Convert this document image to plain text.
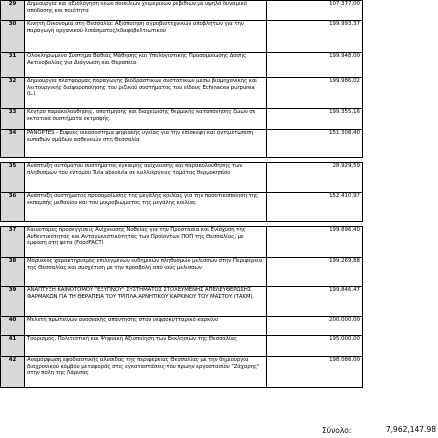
29	Δημιουργία και αξιολόγηση νέων ποικιλιών χειμερινών ρεβιθιών με υψηλό δυναμικό απόδοσης και ποιότητα	107.377,00
30	Κινητή Οικονομία στη Θεσσαλία: Αξιοποίηση αγροβιοτεχνικών αποβλήτων για την παραγωγή οργανικού λιπάσματος/εδαφοβελτιωτικού	199.993,37
31	Ολοκληρωμένο Σύστημα Βαθιάς Μάθησης και Υπολογιστικής Προσομοίωσης Δόσης Ακτινοβολίας για Διάγνωση και Θεραπεία	199.948,00
32	Δημιουργία πλατφόρμας παραγωγής βιοδραστικών συστατικών μέσω βιομηχανικής και λειτουργικής διαφοροποίησης του ριζικού συστήματος του είδους Echinacea purpurea (L.)	199.986,02
33	Κέντρο παρακολούθησης, αποτίμησης και διαχείρισης θερμικής καταπόνησης ζώων σε εκτατικά συστήματα εκτροφής	199.355,16
34	PANOPTES - Ευφυές οικοσύστημα ψηφιακής υγείας για την επίσκεψη και αντιμετώπιση ευπαθών ομάδων ασθενειών στη Θεσσαλία	151.308,40

35	Ανάπτυξη αυτόματου συστήματος έγκαιρης ανίχνευσης και παρακολούθησης των πληθυσμών του εντόμου Tuta absoluta σε καλλιέργειες τομάτας θερμοκηπίου	28.929,59
36	Ανάπτυξη συστήματος προσομοίωσης της μεγάλης κοιλίας για την ποσοτικοποίηση της εκπομπής μεθανίου και του μικροβιώματος της μεγάλης κοιλίας	152.410,97

37	Καινοτόμες προσεγγίσεις Ανίχνευσης Νοθείας για την Προστασία και Ενίσχυση της Αυθεντικότητας και Ανταγωνιστικότητας των Προϊόντων ΠΟΠ της Θεσσαλίας, με έμφαση στη φέτα (FoodFACT)	199.896,40
38	Μοριακός χαρακτηρισμός επιλεγμένων ευδημικών πληθυσμών μελισσών στην Περιφέρεια της Θεσσαλίας και συσχέτιση με την προσβολή από ιούς μελισσών	199.269,88
39	ΑΝΑΠΤΥΞΗ ΚΑΙΝΟΤΟΜΟΥ "ΕΞΥΠΝΟΥ" ΣΥΣΤΗΜΑΤΟΣ ΣΤΟΧΕΥΜΕΝΗΣ ΑΠΕΛΕΥΘΕΡΩΣΗΣ ΦΑΡΜΑΚΩΝ ΓΙΑ ΤΗ ΘΕΡΑΠΕΙΑ ΤΟΥ ΤΡΙΠΛΑ ΑΡΝΗΤΙΚΟΥ ΚΑΡΚΙΝΟΥ ΤΟΥ ΜΑΣΤΟΥ (ΤΑΚΜ).	199.846,47
40	Μελέτη πρωτεϊνών ανοσιακής απάντησης στον νεφροκυτταρικό καρκίνο	200.000,00
41	Τουρισμός, Πολιτιστική και Ψηφιακή Αξιοποίηση των Εκκλησιών της Θεσσαλίας	195.000,00
42	Αναμόρφωση εφοδιαστικής αλυσίδας της περιφέρειας Θεσσαλίας με την δημιουργία διαχρονικού κόμβου μεταφοράς στις εγκαταστάσεις του πρώην εργοστασίου "Ζάχαρης" στην πόλη της Λάρισας	198.086,00
Σύνολο:	7,962,147.98
